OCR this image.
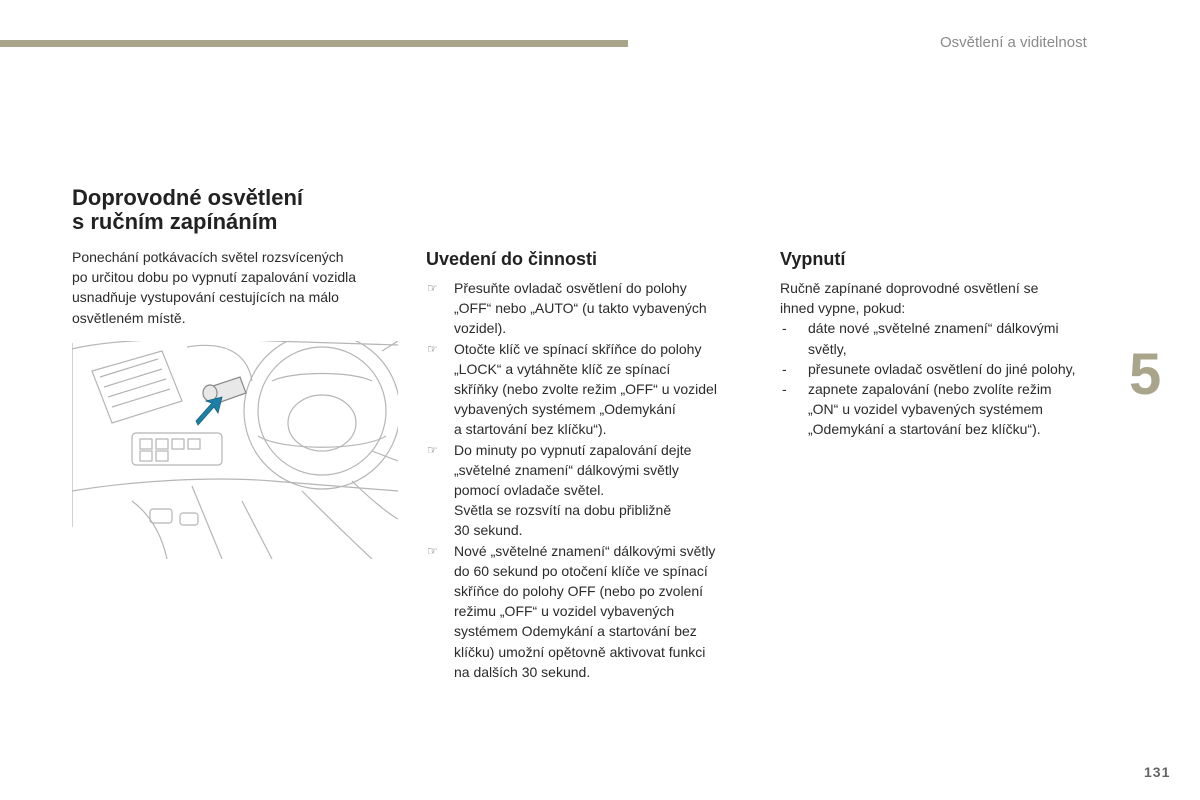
Osvětlení a viditelnost
Doprovodné osvětlení
s ručním zapínáním
Ponechání potkávacích světel rozsvícených
po určitou dobu po vypnutí zapalování vozidla
usnadňuje vystupování cestujících na málo
osvětleném místě.
Uvedení do činnosti
☞ Přesuňte ovladač osvětlení do polohy
„OFF“ nebo „AUTO“ (u takto vybavených
vozidel).
☞ Otočte klíč ve spínací skříňce do polohy
„LOCK“ a vytáhněte klíč ze spínací
skříňky (nebo zvolte režim „OFF“ u vozidel
vybavených systémem „Odemykání
a startování bez klíčku“).
☞ Do minuty po vypnutí zapalování dejte
„světelné znamení“ dálkovými světly
pomocí ovladače světel.
Světla se rozsvítí na dobu přibližně
30 sekund.
☞ Nové „světelné znamení“ dálkovými světly
do 60 sekund po otočení klíče ve spínací
skříňce do polohy OFF (nebo po zvolení
režimu „OFF“ u vozidel vybavených
systémem Odemykání a startování bez
klíčku) umožní opětovně aktivovat funkci
na dalších 30 sekund.
Vypnutí
Ručně zapínané doprovodné osvětlení se
ihned vypne, pokud:
- dáte nové „světelné znamení“ dálkovými
světly,
- přesunete ovladač osvětlení do jiné polohy,
- zapnete zapalování (nebo zvolíte režim
„ON“ u vozidel vybavených systémem
„Odemykání a startování bez klíčku“).
5
131
